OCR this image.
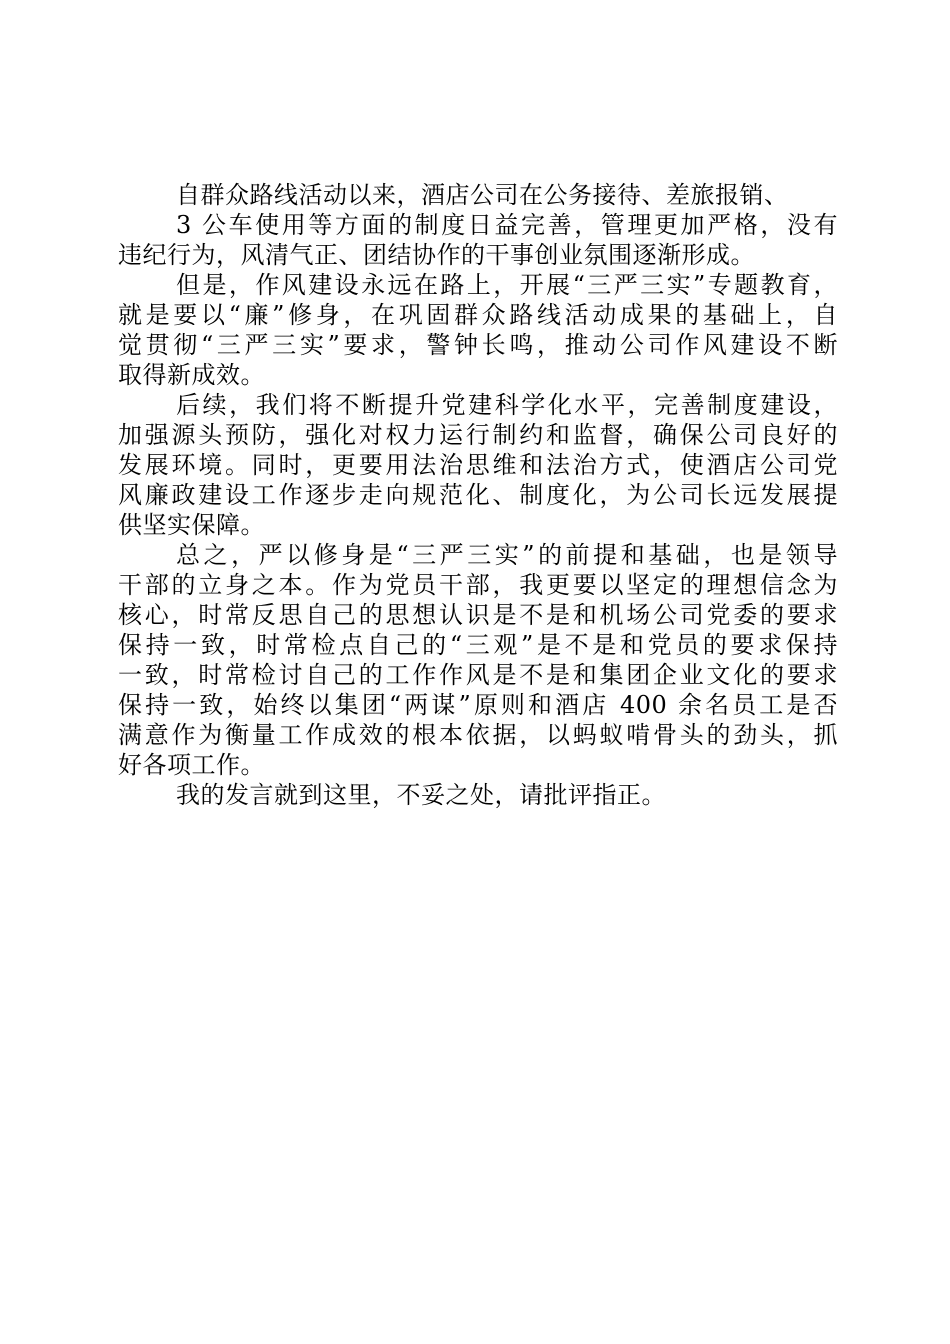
自群众路线活动以来，酒店公司在公务接待、差旅报销、
3 公车使用等方面的制度日益完善，管理更加严格，没有
违纪行为，风清气正、团结协作的干事创业氛围逐渐形成。
但是，作风建设永远在路上，开展“三严三实”专题教育，
就是要以“廉”修身，在巩固群众路线活动成果的基础上，自
觉贯彻“三严三实”要求，警钟长鸣，推动公司作风建设不断
取得新成效。
后续，我们将不断提升党建科学化水平，完善制度建设，
加强源头预防，强化对权力运行制约和监督，确保公司良好的
发展环境。同时，更要用法治思维和法治方式，使酒店公司党
风廉政建设工作逐步走向规范化、制度化，为公司长远发展提
供坚实保障。
总之，严以修身是“三严三实”的前提和基础，也是领导
干部的立身之本。作为党员干部，我更要以坚定的理想信念为
核心，时常反思自己的思想认识是不是和机场公司党委的要求
保持一致，时常检点自己的“三观”是不是和党员的要求保持
一致，时常检讨自己的工作作风是不是和集团企业文化的要求
保持一致，始终以集团“两谋”原则和酒店 400 余名员工是否
满意作为衡量工作成效的根本依据，以蚂蚁啃骨头的劲头，抓
好各项工作。
我的发言就到这里，不妥之处，请批评指正。
